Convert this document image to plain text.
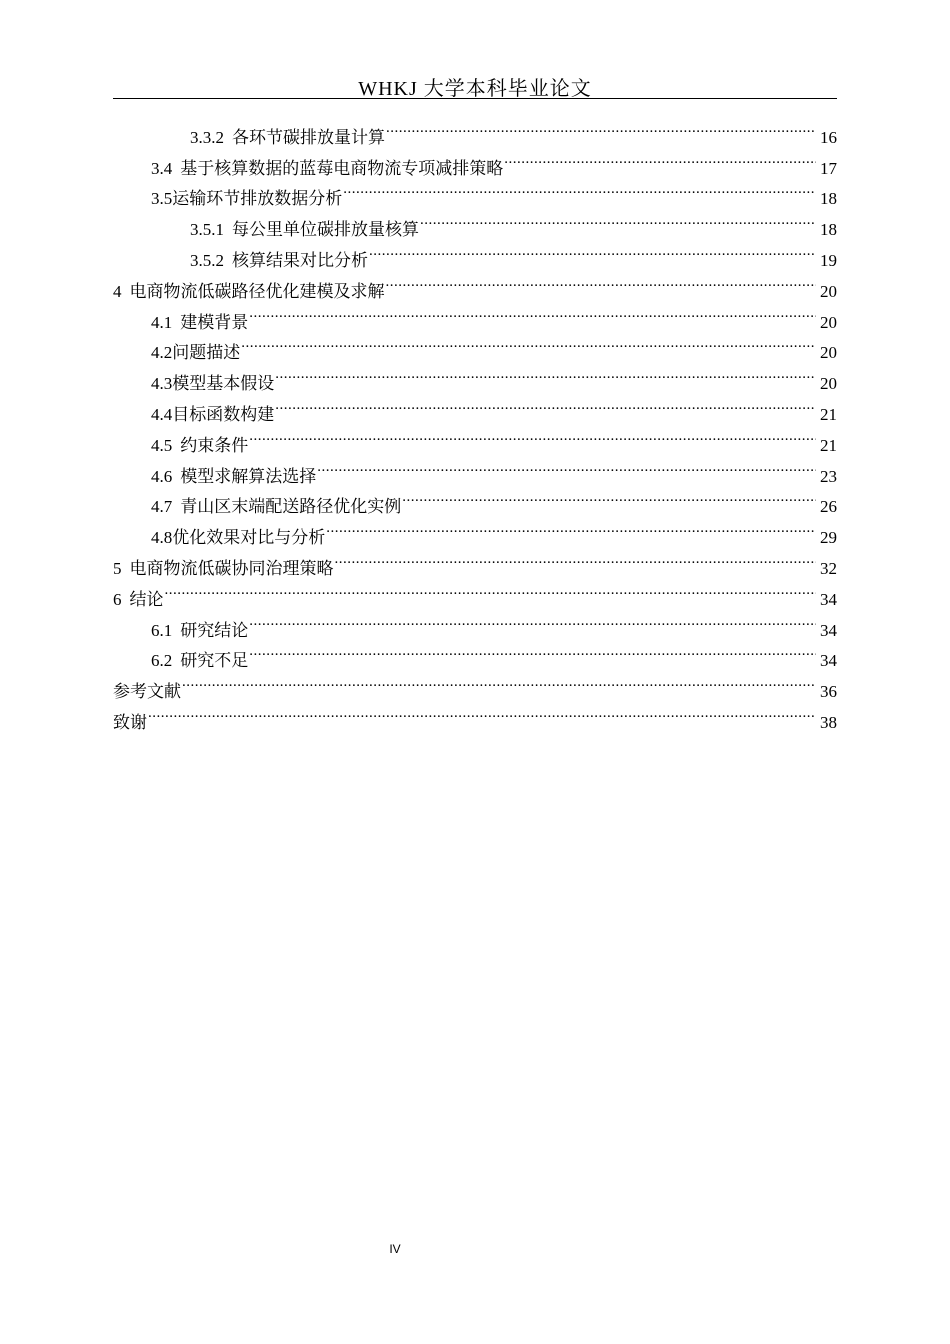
WHKJ 大学本科毕业论文
3.3.2 各环节碳排放量计算 .....	16
3.4 基于核算数据的蓝莓电商物流专项减排策略 .....	17
3.5 运输环节排放数据分析 .....	18
3.5.1 每公里单位碳排放量核算 .....	18
3.5.2 核算结果对比分析 .....	19
4 电商物流低碳路径优化建模及求解 .....	20
4.1 建模背景 .....	20
4.2 问题描述 .....	20
4.3 模型基本假设 .....	20
4.4 目标函数构建 .....	21
4.5 约束条件 .....	21
4.6 模型求解算法选择 .....	23
4.7 青山区末端配送路径优化实例 .....	26
4.8 优化效果对比与分析 .....	29
5 电商物流低碳协同治理策略 .....	32
6 结论 .....	34
6.1 研究结论 .....	34
6.2 研究不足 .....	34
参考文献 .....	36
致谢 .....	38
IV
